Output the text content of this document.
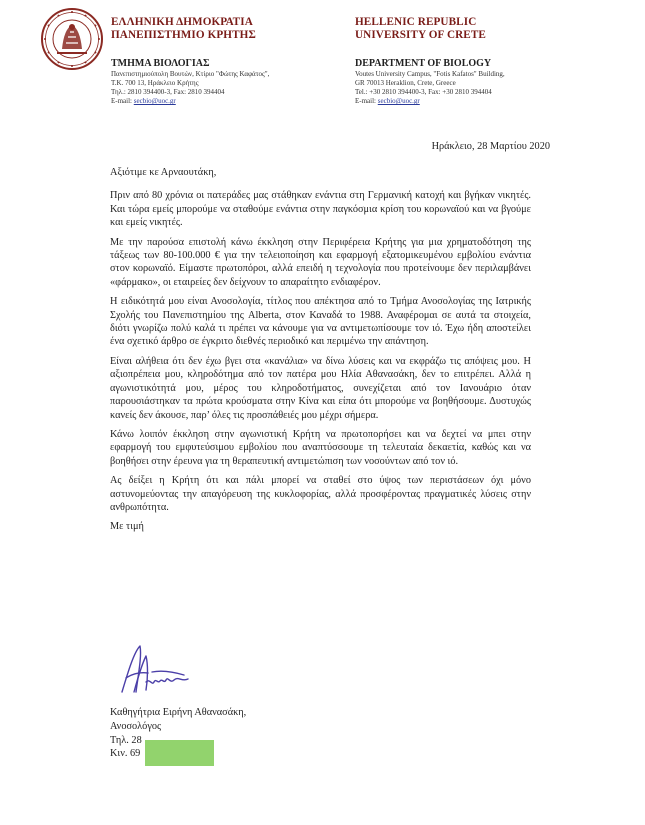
ΕΛΛΗΝΙΚΗ ΔΗΜΟΚΡΑΤΙΑ
ΠΑΝΕΠΙΣΤΗΜΙΟ ΚΡΗΤΗΣ
HELLENIC REPUBLIC
UNIVERSITY OF CRETE
ΤΜΗΜΑ ΒΙΟΛΟΓΙΑΣ	DEPARTMENT OF BIOLOGY
Πανεπιστημιούπολη Βουτών, Κτίριο "Φώτης Καφάτος",
Τ.Κ. 700 13, Ηράκλειο Κρήτης
Τηλ.: 2810 394400-3, Fax: 2810 394404
E-mail: secbio@uoc.gr
Voutes University Campus, "Fotis Kafatos" Building,
GR 70013 Heraklion, Crete, Greece
Tel.: +30 2810 394400-3, Fax: +30 2810 394404
E-mail: secbio@uoc.gr
Ηράκλειο, 28 Μαρτίου 2020

Αξιότιμε κε Αρναουτάκη,

Πριν από 80 χρόνια οι πατεράδες μας στάθηκαν ενάντια στη Γερμανική κατοχή και βγήκαν νικητές. Και τώρα εμείς μπορούμε να σταθούμε ενάντια στην παγκόσμια κρίση του κορωναϊού και να βγούμε και εμείς νικητές.

Με την παρούσα επιστολή κάνω έκκληση στην Περιφέρεια Κρήτης για μια χρηματοδότηση της τάξεως των 80-100.000 € για την τελειοποίηση και εφαρμογή εξατομικευμένου εμβολίου ενάντια στον κορωναϊό. Είμαστε πρωτοπόροι, αλλά επειδή η τεχνολογία που προτείνουμε δεν περιλαμβάνει «φάρμακο», οι εταιρείες δεν δείχνουν το απαραίτητο ενδιαφέρον.

Η ειδικότητά μου είναι Ανοσολογία, τίτλος που απέκτησα από το Τμήμα Ανοσολογίας της Ιατρικής Σχολής του Πανεπιστημίου της Alberta, στον Καναδά το 1988. Αναφέρομαι σε αυτά τα στοιχεία, διότι γνωρίζω πολύ καλά τι πρέπει να κάνουμε για να αντιμετωπίσουμε τον ιό. Έχω ήδη αποστείλει ένα σχετικό άρθρο σε έγκριτο διεθνές περιοδικό και περιμένω την απάντηση.

Είναι αλήθεια ότι δεν έχω βγει στα «κανάλια» να δίνω λύσεις και να εκφράζω τις απόψεις μου. Η αξιοπρέπεια μου, κληροδότημα από τον πατέρα μου Ηλία Αθανασάκη, δεν το επιτρέπει. Αλλά η αγωνιστικότητά μου, μέρος του κληροδοτήματος, συνεχίζεται από τον Ιανουάριο όταν παρουσιάστηκαν τα πρώτα κρούσματα στην Κίνα και είπα ότι μπορούμε να βοηθήσουμε. Δυστυχώς κανείς δεν άκουσε, παρ’ όλες τις προσπάθειές μου μέχρι σήμερα.

Κάνω λοιπόν έκκληση στην αγωνιστική Κρήτη να πρωτοπορήσει και να δεχτεί να μπει στην εφαρμογή του εμφυτεύσιμου εμβολίου που αναπτύσσουμε τη τελευταία δεκαετία, καθώς και να βοηθήσει στην έρευνα για τη θεραπευτική αντιμετώπιση των νοσούντων από τον ιό.

Ας δείξει η Κρήτη ότι και πάλι μπορεί να σταθεί στο ύψος των περιστάσεων όχι μόνο αστυνομεύοντας την απαγόρευση της κυκλοφορίας, αλλά προσφέροντας πραγματικές λύσεις στην ανθρωπότητα.

Με τιμή

Καθηγήτρια Ειρήνη Αθανασάκη,
Ανοσολόγος
Τηλ. 28
Κιν. 69
